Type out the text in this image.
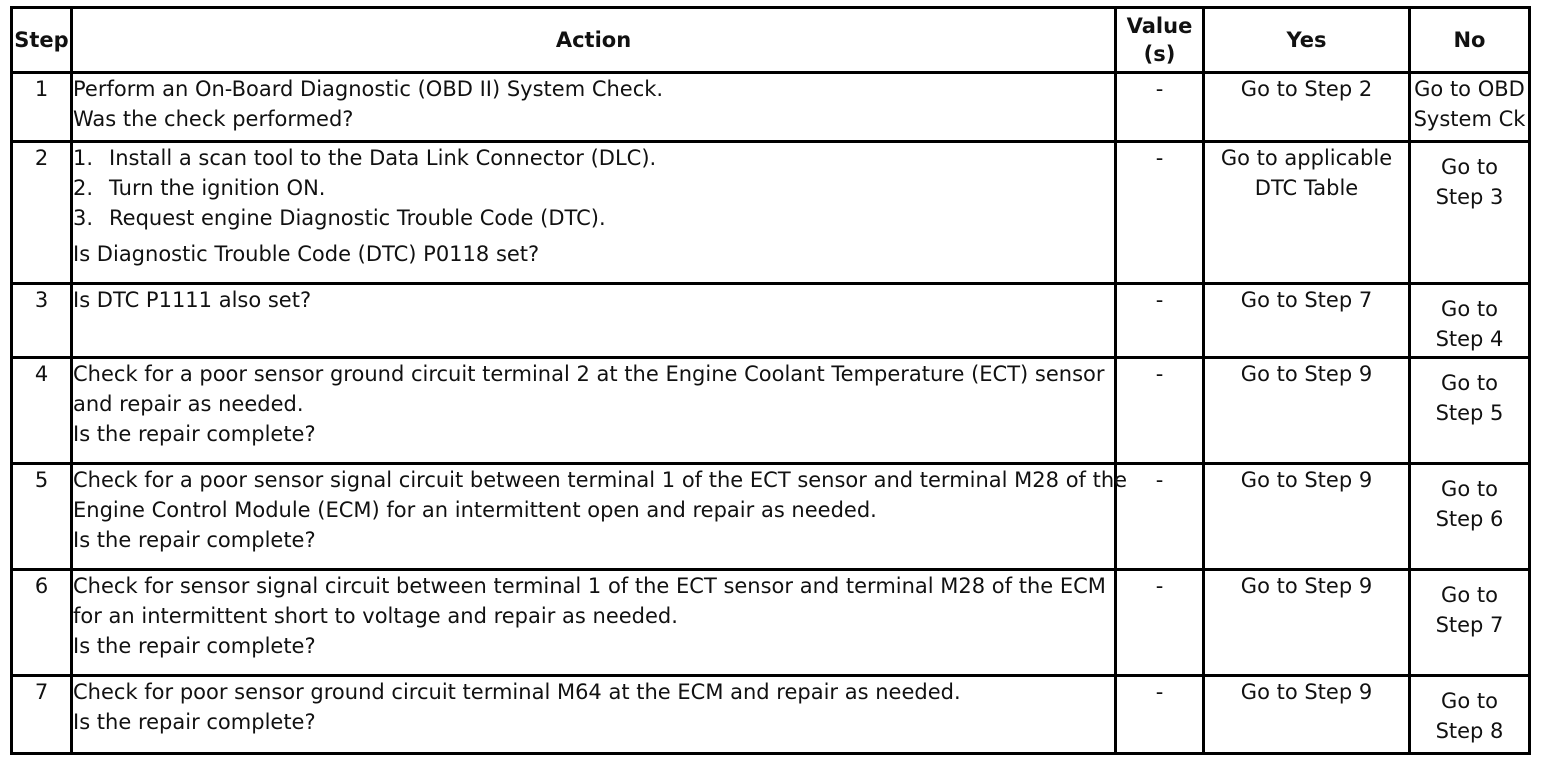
Step	Action	Value (s)	Yes	No
1	Perform an On-Board Diagnostic (OBD II) System Check.
Was the check performed?	-	Go to Step 2	Go to OBD
System Ck

2	1. Install a scan tool to the Data Link Connector (DLC).
2. Turn the ignition ON.
3. Request engine Diagnostic Trouble Code (DTC).
Is Diagnostic Trouble Code (DTC) P0118 set?	-	Go to applicable
DTC Table	Go to
Step 3

3	Is DTC P1111 also set?	-	Go to Step 7	Go to
Step 4

4	Check for a poor sensor ground circuit terminal 2 at the Engine Coolant Temperature (ECT) sensor
and repair as needed.
Is the repair complete?	-	Go to Step 9	Go to
Step 5

5	Check for a poor sensor signal circuit between terminal 1 of the ECT sensor and terminal M28 of the
Engine Control Module (ECM) for an intermittent open and repair as needed.
Is the repair complete?	-	Go to Step 9	Go to
Step 6

6	Check for sensor signal circuit between terminal 1 of the ECT sensor and terminal M28 of the ECM
for an intermittent short to voltage and repair as needed.
Is the repair complete?	-	Go to Step 9	Go to
Step 7

7	Check for poor sensor ground circuit terminal M64 at the ECM and repair as needed.
Is the repair complete?	-	Go to Step 9	Go to
Step 8
